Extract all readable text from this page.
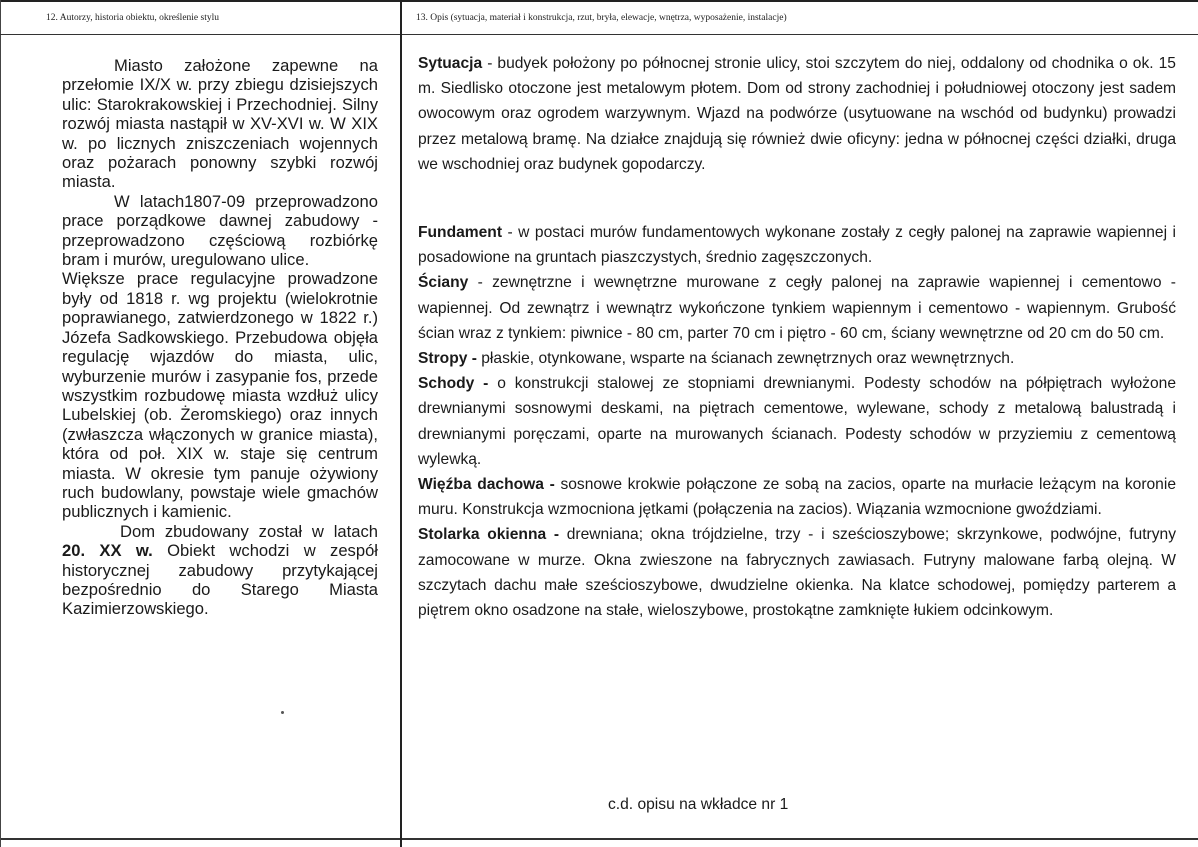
12. Autorzy, historia obiektu, określenie stylu	13. Opis (sytuacja, materiał i konstrukcja, rzut, bryła, elewacje, wnętrza, wyposażenie, instalacje)

Miasto założone zapewne na przełomie IX/X w. przy zbiegu dzisiejszych ulic: Starokrakowskiej i Przechodniej. Silny rozwój miasta nastąpił w XV-XVI w. W XIX w. po licznych zniszczeniach wojennych oraz pożarach ponowny szybki rozwój miasta.

W latach1807-09 przeprowadzono prace porządkowe dawnej zabudowy - przeprowadzono częściową rozbiórkę bram i murów, uregulowano ulice.

Większe prace regulacyjne prowadzone były od 1818 r. wg projektu (wielokrotnie poprawianego, zatwierdzonego w 1822 r.) Józefa Sadkowskiego. Przebudowa objęła regulację wjazdów do miasta, ulic, wyburzenie murów i zasypanie fos, przede wszystkim rozbudowę miasta wzdłuż ulicy Lubelskiej (ob. Żeromskiego) oraz innych (zwłaszcza włączonych w granice miasta), która od poł. XIX w. staje się centrum miasta. W okresie tym panuje ożywiony ruch budowlany, powstaje wiele gmachów publicznych i kamienic.

Dom zbudowany został w latach 20. XX w. Obiekt wchodzi w zespół historycznej zabudowy przytykającej bezpośrednio do Starego Miasta Kazimierzowskiego.

Sytuacja - budyek położony po północnej stronie ulicy, stoi szczytem do niej, oddalony od chodnika o ok. 15 m. Siedlisko otoczone jest metalowym płotem. Dom od strony zachodniej i południowej otoczony jest sadem owocowym oraz ogrodem warzywnym. Wjazd na podwórze (usytuowane na wschód od budynku) prowadzi przez metalową bramę. Na działce znajdują się również dwie oficyny: jedna w północnej części działki, druga we wschodniej oraz budynek gopodarczy.

Fundament - w postaci murów fundamentowych wykonane zostały z cegły palonej na zaprawie wapiennej i posadowione na gruntach piaszczystych, średnio zagęszczonych.

Ściany - zewnętrzne i wewnętrzne murowane z cegły palonej na zaprawie wapiennej i cementowo - wapiennej. Od zewnątrz i wewnątrz wykończone tynkiem wapiennym i cementowo - wapiennym. Grubość ścian wraz z tynkiem: piwnice - 80 cm, parter 70 cm i piętro - 60 cm, ściany wewnętrzne od 20 cm do 50 cm.

Stropy - płaskie, otynkowane, wsparte na ścianach zewnętrznych oraz wewnętrznych.

Schody - o konstrukcji stalowej ze stopniami drewnianymi. Podesty schodów na półpiętrach wyłożone drewnianymi sosnowymi deskami, na piętrach cementowe, wylewane, schody z metalową balustradą i drewnianymi poręczami, oparte na murowanych ścianach. Podesty schodów w przyziemiu z cementową wylewką.

Więźba dachowa - sosnowe krokwie połączone ze sobą na zacios, oparte na murłacie leżącym na koronie muru. Konstrukcja wzmocniona jętkami (połączenia na zacios). Wiązania wzmocnione gwoździami.

Stolarka okienna - drewniana; okna trójdzielne, trzy - i sześcioszybowe; skrzynkowe, podwójne, futryny zamocowane w murze. Okna zwieszone na fabrycznych zawiasach. Futryny malowane farbą olejną. W szczytach dachu małe sześcioszybowe, dwudzielne okienka. Na klatce schodowej, pomiędzy parterem a piętrem okno osadzone na stałe, wieloszybowe, prostokątne zamknięte łukiem odcinkowym.

c.d. opisu na wkładce nr 1
